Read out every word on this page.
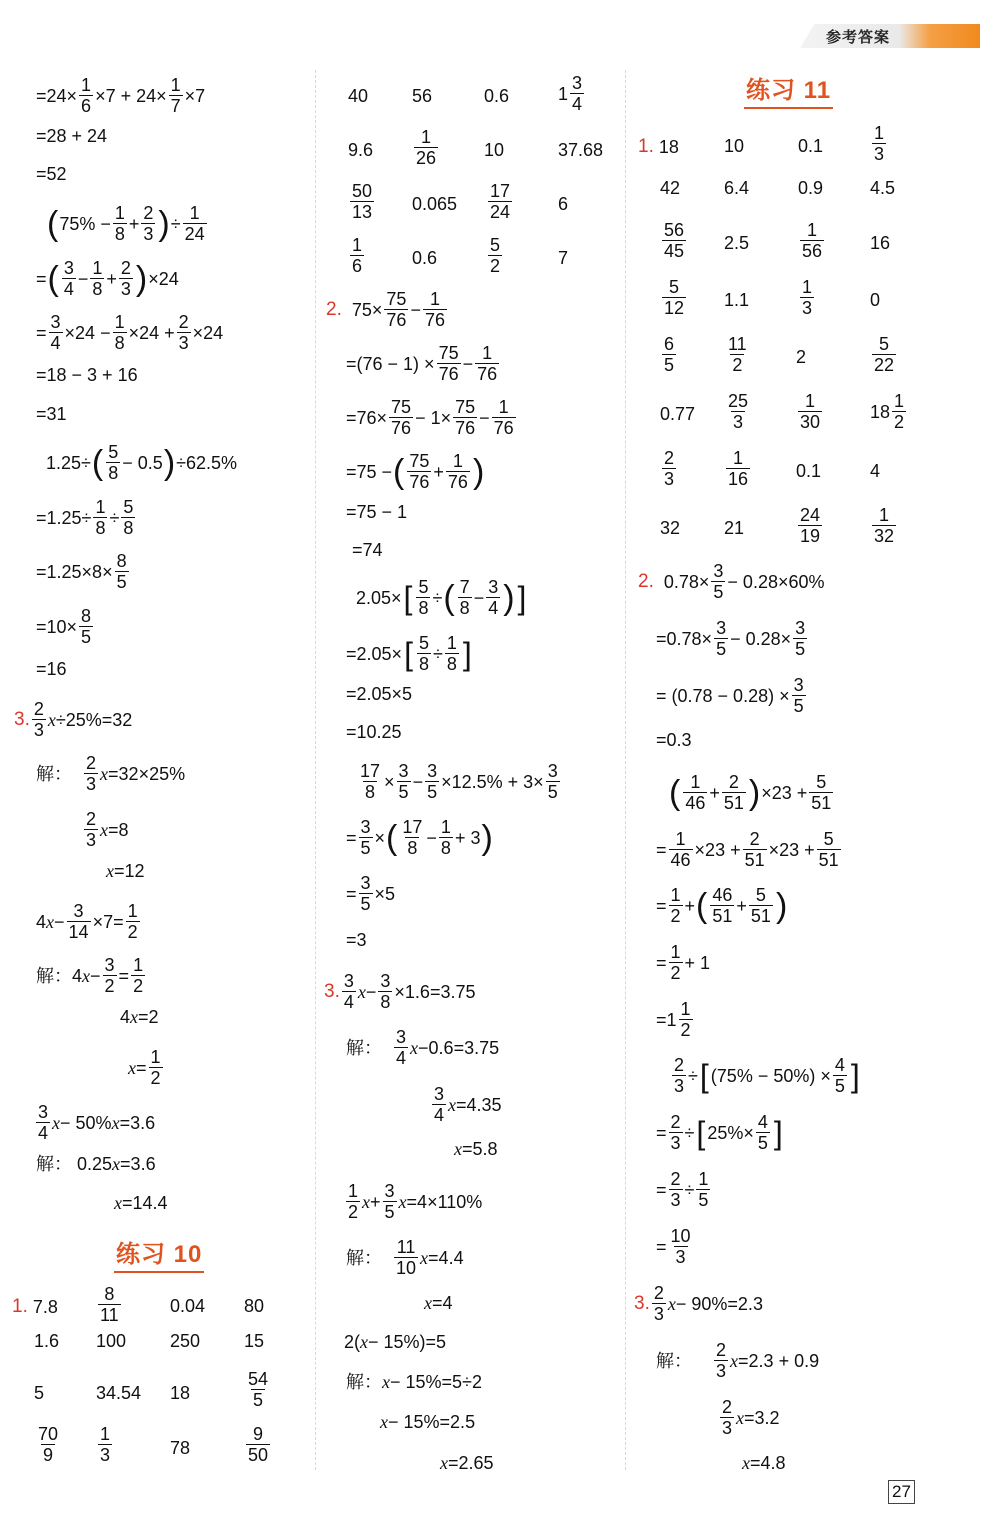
参考答案
$=24\times \frac{1}{6} \times 7 + 24\times \frac{1}{7} \times 7$
=28 + 24
=52
( $75\% - \frac{1}{8} + \frac{2}{3}$ ) ÷ $\frac{1}{24}$
= ( $\frac{3}{4} - \frac{1}{8} + \frac{2}{3}$ ) ×24
= $\frac{3}{4} \times 24 - \frac{1}{8} \times 24 + \frac{2}{3} \times 24$
=18 − 3 + 16
=31
1.25÷ ( $\frac{5}{8} - 0.5$ ) ÷62.5%
$=1.25\div \frac{1}{8} \div \frac{5}{8}$
$=1.25\times 8\times \frac{8}{5}$
$=10\times \frac{8}{5}$
=16
3. $\frac{2}{3}$ x ÷25%=32
解： $\frac{2}{3}$ x =32×25%
$\frac{2}{3}$ x =8
x =12
4 $x - \frac{3}{14} \times 7= \frac{1}{2}$
解：4 $x - \frac{3}{2} = \frac{1}{2}$
4 x =2
$x = \frac{1}{2}$
$\frac{3}{4}$ x − 50% x =3.6
解： 0.25 x =3.6
x =14.4
练习 10
1. $7.8 \frac{8}{11}$	0.04 80
1.6 100 250 15
5	34.54 18	$\frac{54}{5}$
$\frac{70}{9} \frac{1}{3}$	78	$\frac{9}{50}$
40 56	0.6	$1 \frac{3}{4}$
$9.6 \frac{1}{26}$	10	37.68
$\frac{50}{13} 0.065 \frac{17}{24}$	6
$\frac{1}{6}$	0.6	$\frac{5}{2}$	7
2. $75\times \frac{75}{76} - \frac{1}{76}$
$=(76 - 1) \times \frac{75}{76} - \frac{1}{76}$
$=76\times \frac{75}{76} - 1\times \frac{75}{76} - \frac{1}{76}$
=75 − ( $\frac{75}{76} + \frac{1}{76}$ )
=75 − 1
=74
2.05× [ $\frac{5}{8}$ ÷ ( $\frac{7}{8} - \frac{3}{4}$ ) ]
=2.05× [ $\frac{5}{8} \div \frac{1}{8}$ ]
=2.05×5
=10.25
$\frac{17}{8} \times \frac{3}{5} - \frac{3}{5} \times 12.5\% + 3\times \frac{3}{5}$
= $\frac{3}{5}$ × ( $\frac{17}{8} - \frac{1}{8} + 3$ )
= $\frac{3}{5} \times 5$
=3
3. $\frac{3}{4}$ $x - \frac{3}{8} \times 1.6=3.75$
解： $\frac{3}{4}$ x −0.6=3.75
$\frac{3}{4}$ x =4.35
x =5.8
$\frac{1}{2}$ $x + \frac{3}{5}$ x =4×110%
解： $\frac{11}{10}$ x =4.4
x =4
2( x − 15%)=5
解： x − 15%=5÷2
x − 15%=2.5
x =2.65
练习 11
1. 18	10	0.1	$\frac{1}{3}$
42 6.4	0.9	4.5
$\frac{56}{45} 2.5$	$\frac{1}{56}$	16
$\frac{5}{12} 1.1$	$\frac{1}{3}$	0
$\frac{6}{5}$	$\frac{11}{2}$	2	$\frac{5}{22}$
$0.77 \frac{25}{3}$	$\frac{1}{30}$	$18 \frac{1}{2}$
$\frac{2}{3}$	$\frac{1}{16}$	0.1	4
32 21	$\frac{24}{19}$	$\frac{1}{32}$
2. $0.78\times \frac{3}{5} - 0.28\times 60\%$
$=0.78\times \frac{3}{5} - 0.28\times \frac{3}{5}$
= $(0.78 - 0.28) \times \frac{3}{5}$
=0.3
( $\frac{1}{46} + \frac{2}{51}$ ) $\times 23 + \frac{5}{51}$
= $\frac{1}{46} \times 23 + \frac{2}{51} \times 23 + \frac{5}{51}$
= $\frac{1}{2}$ + ( $\frac{46}{51} + \frac{5}{51}$ )
= $\frac{1}{2} + 1$
$=1 \frac{1}{2}$
$\frac{2}{3}$ ÷ [ $(75\% - 50\%) \times \frac{4}{5}$ ]
= $\frac{2}{3}$ ÷ [ $25\%\times \frac{4}{5}$ ]
= $\frac{2}{3} \div \frac{1}{5}$
= $\frac{10}{3}$
3. $\frac{2}{3}$ x − 90%=2.3
解： $\frac{2}{3}$ x =2.3 + 0.9
$\frac{2}{3}$ x =3.2
x =4.8
27
